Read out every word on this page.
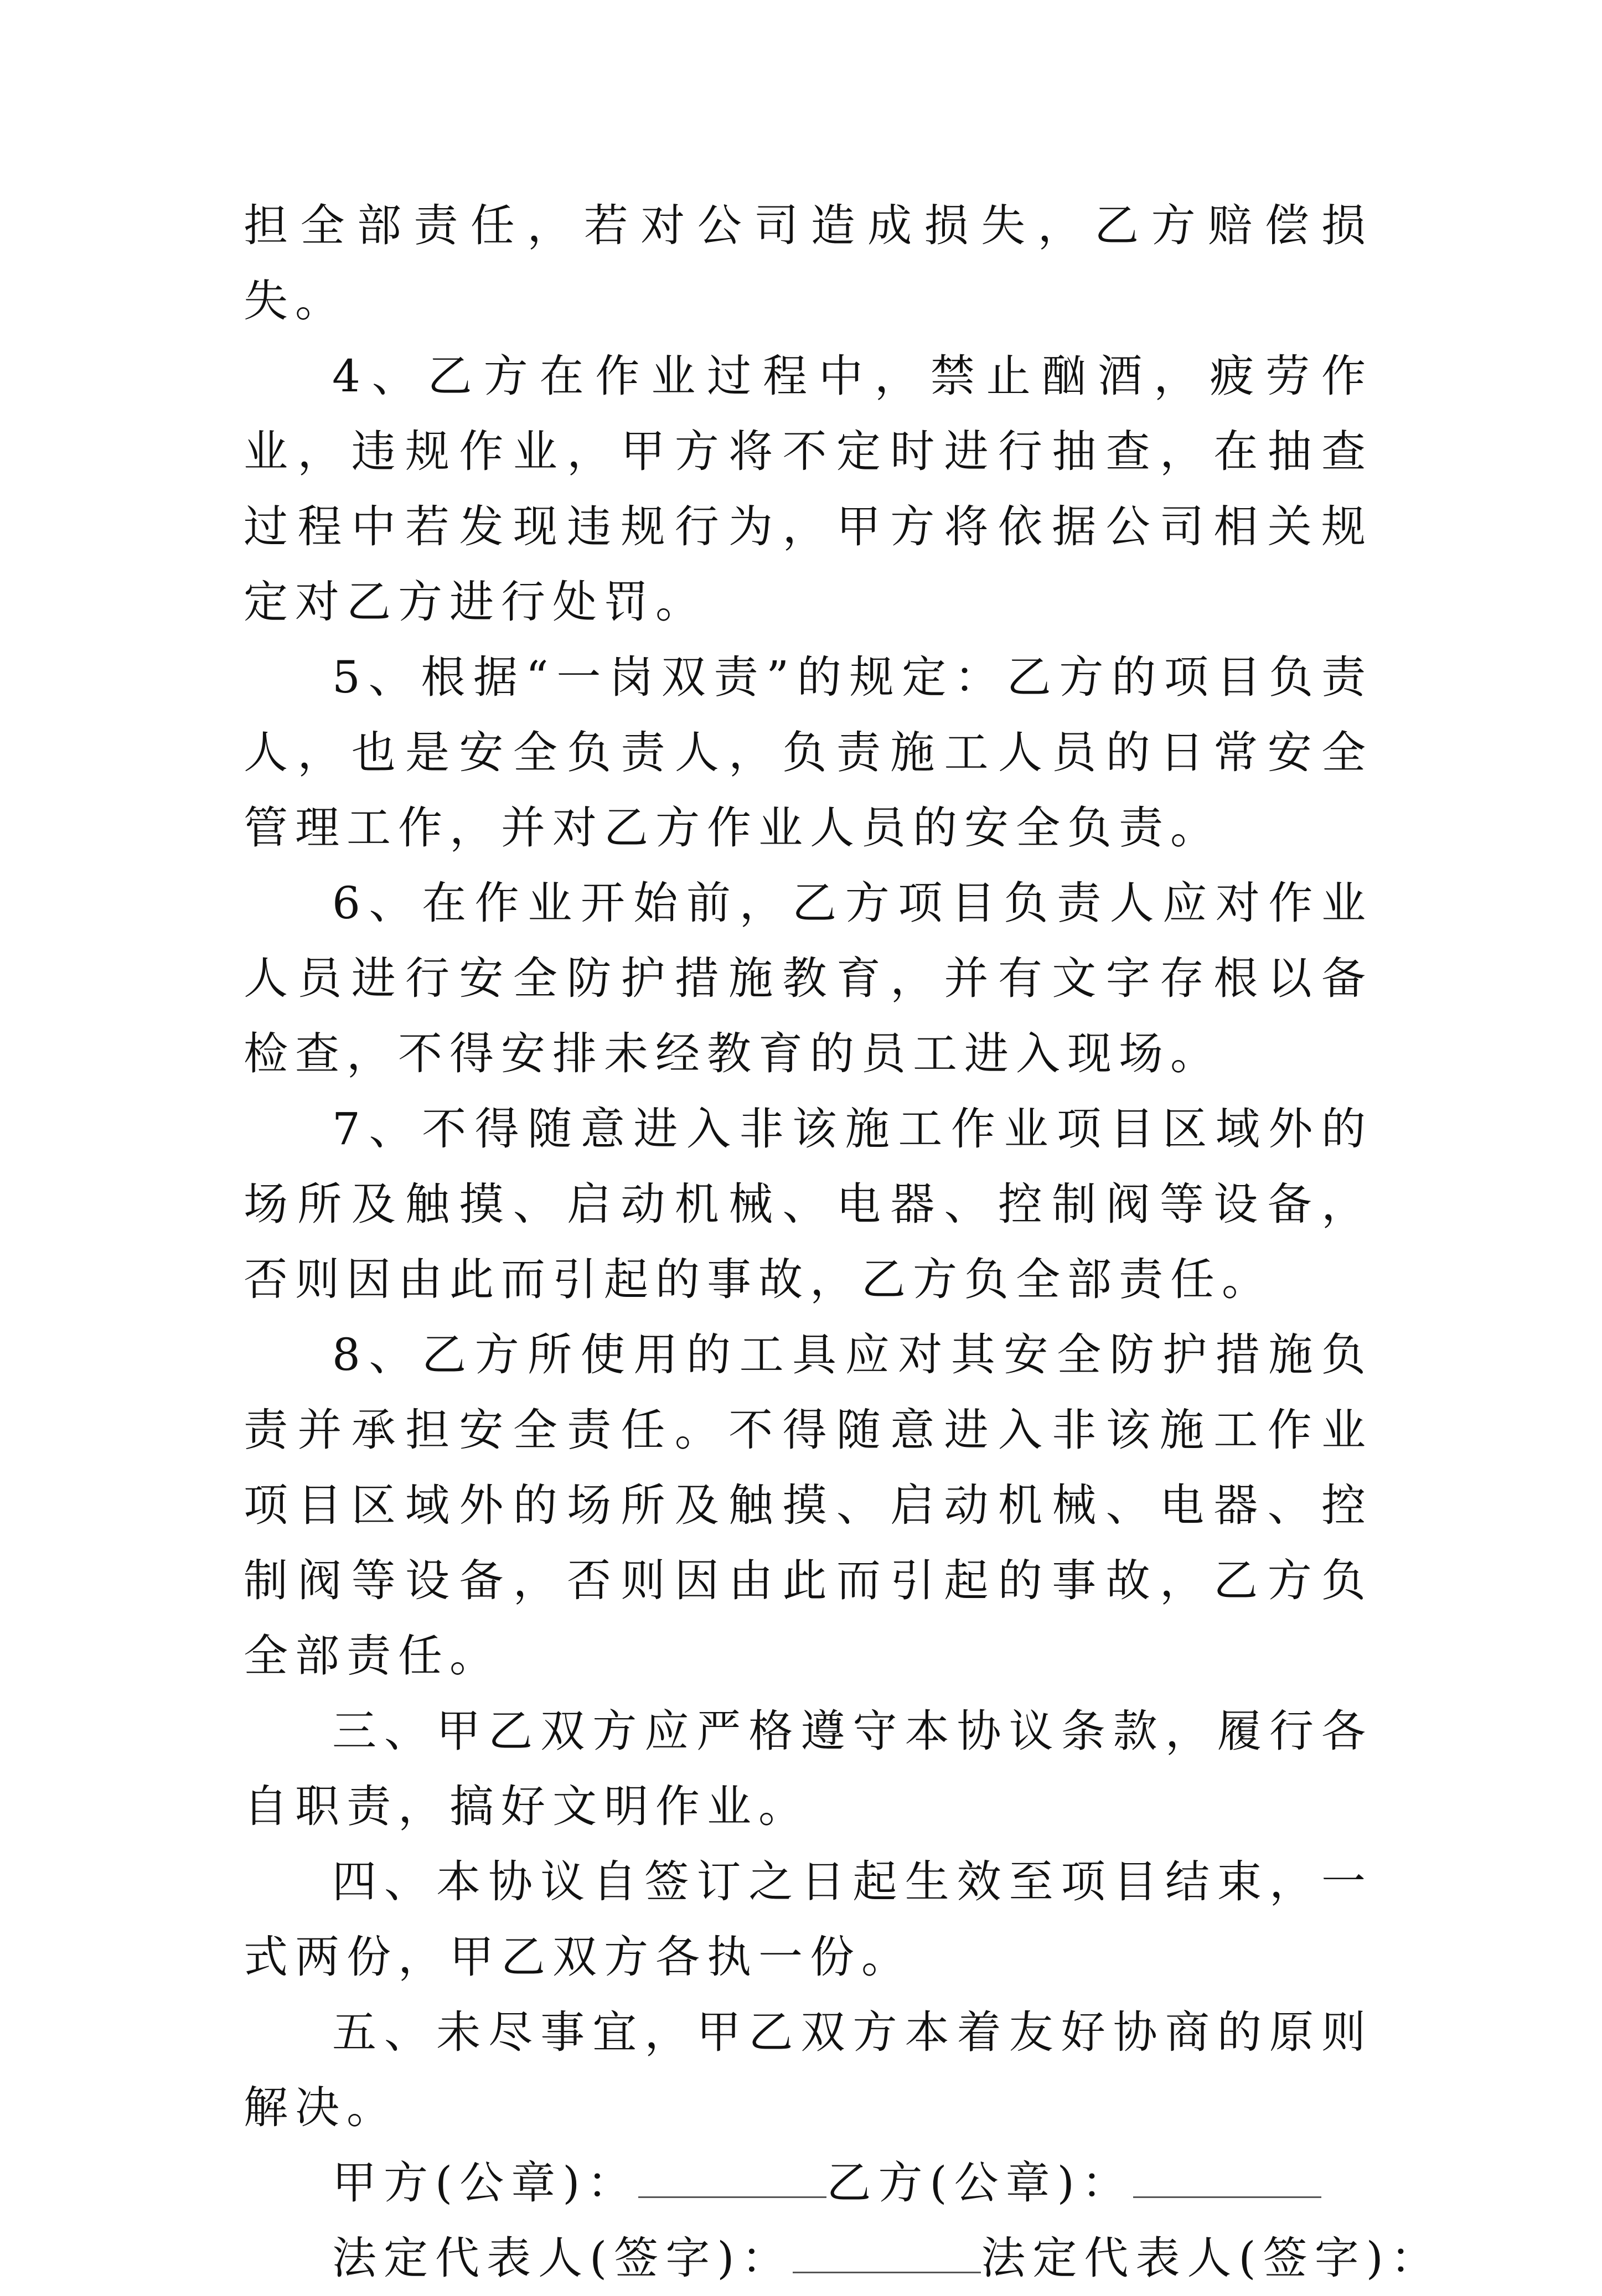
担全部责任，若对公司造成损失，乙方赔偿损失。

4、乙方在作业过程中，禁止酗酒，疲劳作业，违规作业，甲方将不定时进行抽查，在抽查过程中若发现违规行为，甲方将依据公司相关规定对乙方进行处罚。

5、根据“一岗双责”的规定：乙方的项目负责人，也是安全负责人，负责施工人员的日常安全管理工作，并对乙方作业人员的安全负责。

6、在作业开始前，乙方项目负责人应对作业人员进行安全防护措施教育，并有文字存根以备检查，不得安排未经教育的员工进入现场。

7、不得随意进入非该施工作业项目区域外的场所及触摸、启动机械、电器、控制阀等设备，否则因由此而引起的事故，乙方负全部责任。

8、乙方所使用的工具应对其安全防护措施负责并承担安全责任。不得随意进入非该施工作业项目区域外的场所及触摸、启动机械、电器、控制阀等设备，否则因由此而引起的事故，乙方负全部责任。

三、甲乙双方应严格遵守本协议条款，履行各自职责，搞好文明作业。

四、本协议自签订之日起生效至项目结束，一式两份，甲乙双方各执一份。

五、未尽事宜，甲乙双方本着友好协商的原则解决。

甲方(公章)：	乙方(公章)：

法定代表人(签字)：	法定代表人(签字)：
